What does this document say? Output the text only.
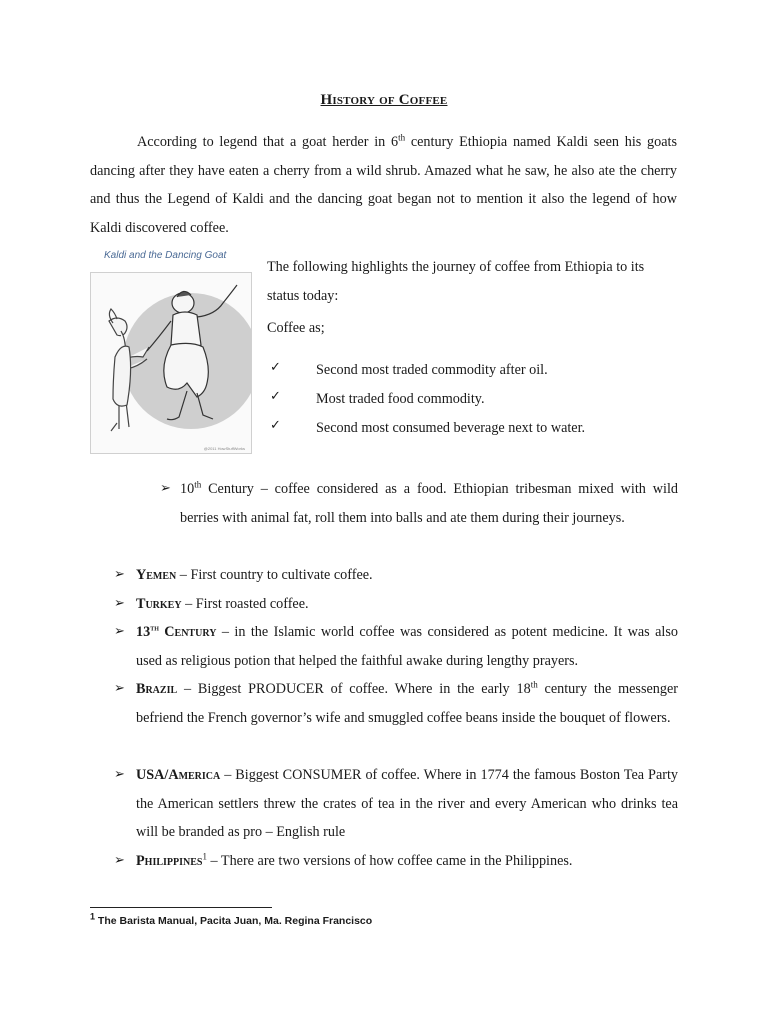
History of Coffee

According to legend that a goat herder in 6th century Ethiopia named Kaldi seen his goats dancing after they have eaten a cherry from a wild shrub. Amazed what he saw, he also ate the cherry and thus the Legend of Kaldi and the dancing goat began not to mention it also the legend of how Kaldi discovered coffee.

Kaldi and the Dancing Goat
@2011 HowStuffWorks

The following highlights the journey of coffee from Ethiopia to its status today:

Coffee as;
✓ Second most traded commodity after oil.
✓ Most traded food commodity.
✓ Second most consumed beverage next to water.
➢ 10th Century – coffee considered as a food. Ethiopian tribesman mixed with wild berries with animal fat, roll them into balls and ate them during their journeys.

➢ Yemen – First country to cultivate coffee.

➢ Turkey – First roasted coffee.

➢ 13th Century – in the Islamic world coffee was considered as potent medicine. It was also used as religious potion that helped the faithful awake during lengthy prayers.

➢ Brazil – Biggest PRODUCER of coffee. Where in the early 18th century the messenger befriend the French governor’s wife and smuggled coffee beans inside the bouquet of flowers.

➢ USA/America – Biggest CONSUMER of coffee. Where in 1774 the famous Boston Tea Party the American settlers threw the crates of tea in the river and every American who drinks tea will be branded as pro – English rule

➢ Philippines$^1$ – There are two versions of how coffee came in the Philippines.

$^1$ The Barista Manual, Pacita Juan, Ma. Regina Francisco
